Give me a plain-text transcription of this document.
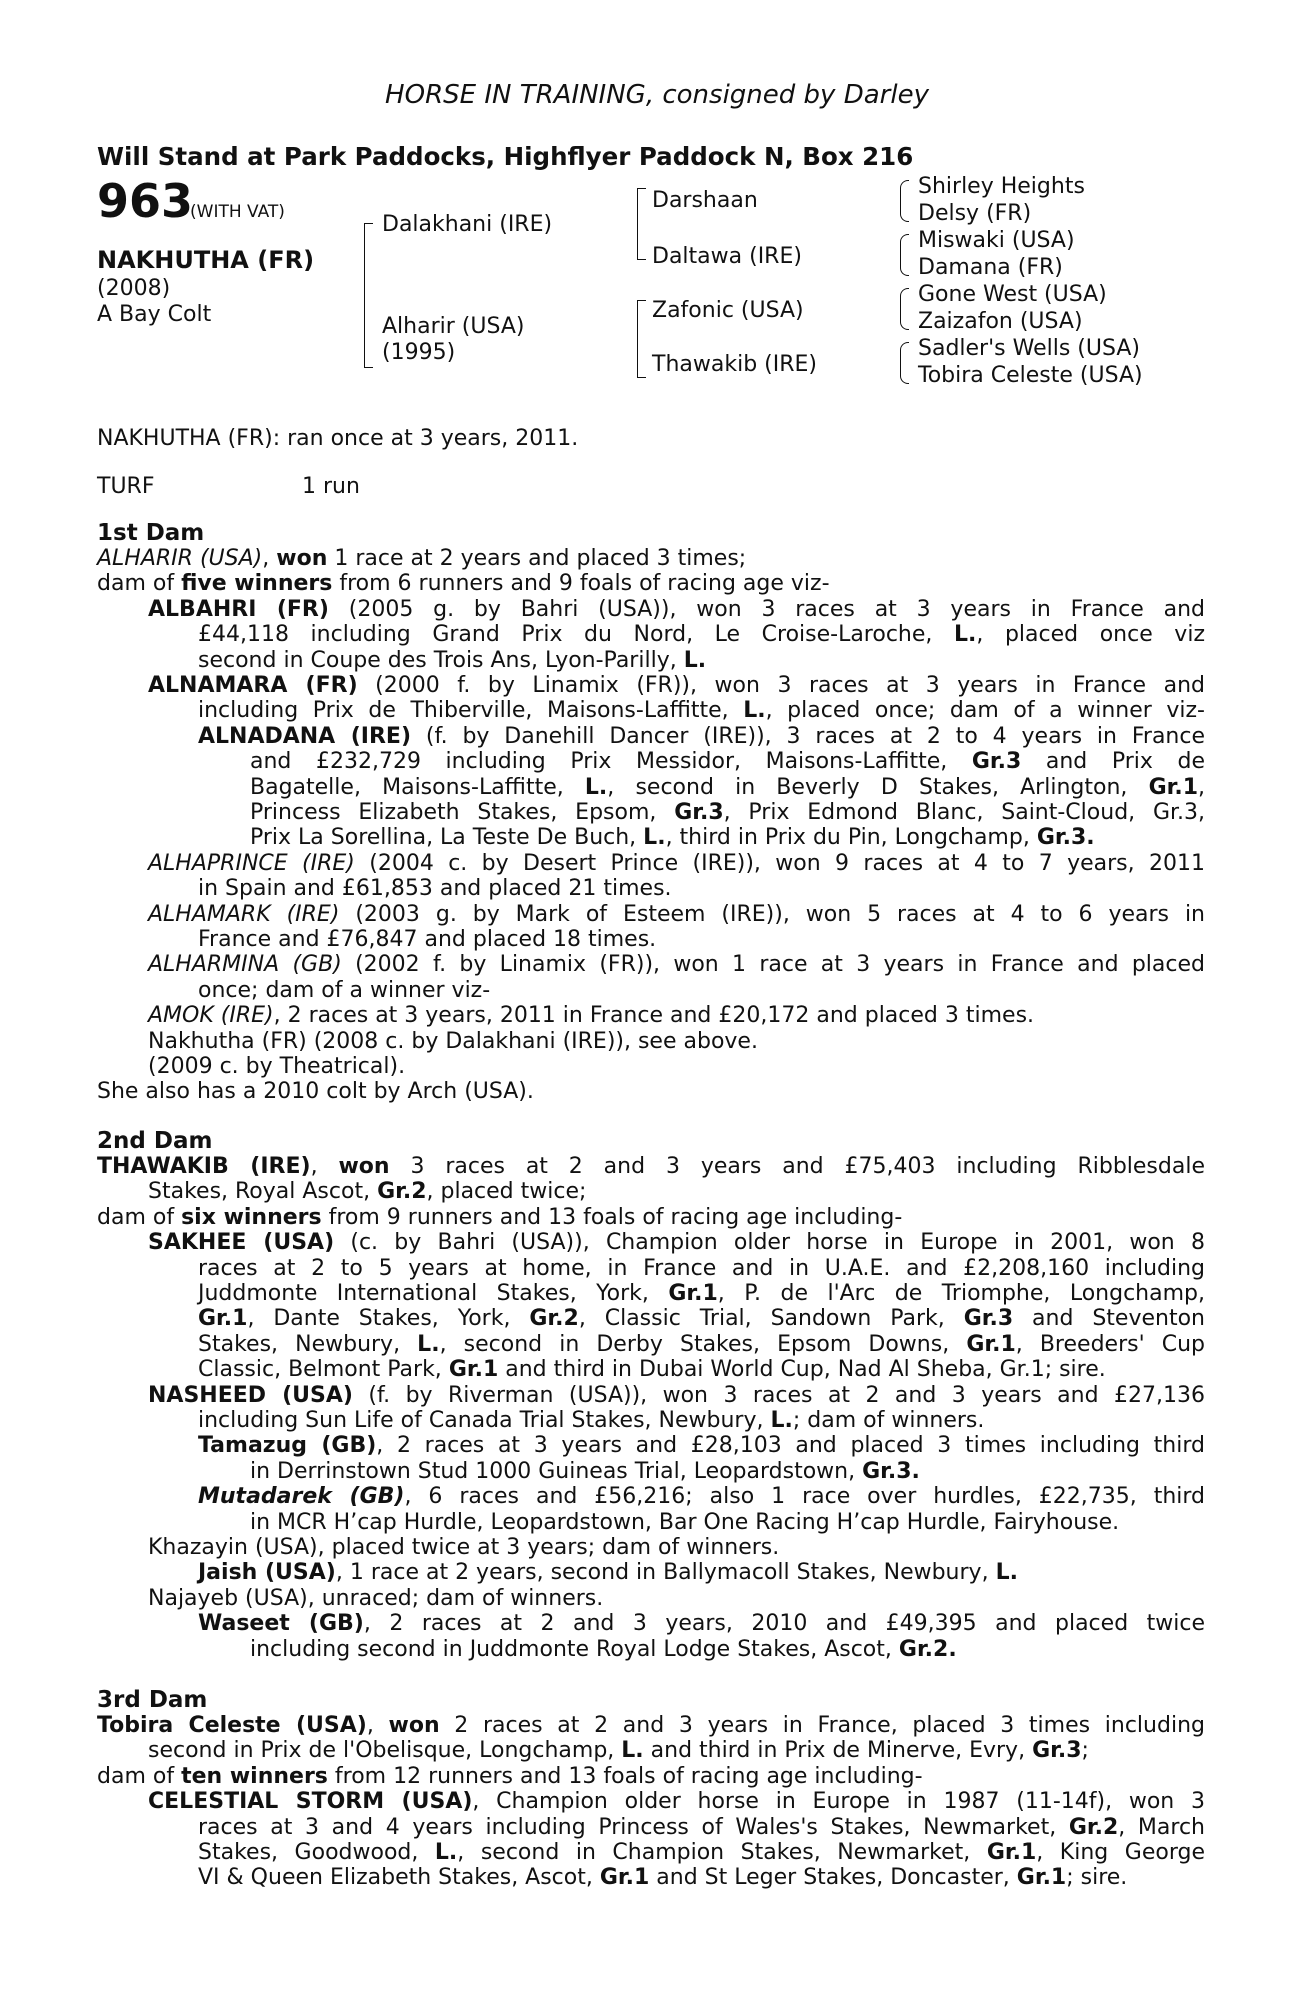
HORSE IN TRAINING, consigned by Darley
Will Stand at Park Paddocks, Highflyer Paddock N, Box 216
963
(WITH VAT)
NAKHUTHA (FR)
(2008)
A Bay Colt
Dalakhani (IRE)
Alharir (USA)
(1995)
Darshaan
Daltawa (IRE)
Zafonic (USA)
Thawakib (IRE)
Shirley Heights
Delsy (FR)
Miswaki (USA)
Damana (FR)
Gone West (USA)
Zaizafon (USA)
Sadler's Wells (USA)
Tobira Celeste (USA)
NAKHUTHA (FR): ran once at 3 years, 2011.
TURF	1 run
1st Dam
ALHARIR (USA), won 1 race at 2 years and placed 3 times;
dam of five winners from 6 runners and 9 foals of racing age viz-
ALBAHRI (FR) (2005 g. by Bahri (USA)), won 3 races at 3 years in France and
£44,118 including Grand Prix du Nord, Le Croise-Laroche, L., placed once viz
second in Coupe des Trois Ans, Lyon-Parilly, L.
ALNAMARA (FR) (2000 f. by Linamix (FR)), won 3 races at 3 years in France and
including Prix de Thiberville, Maisons-Laffitte, L., placed once; dam of a winner viz-
ALNADANA (IRE) (f. by Danehill Dancer (IRE)), 3 races at 2 to 4 years in France
and £232,729 including Prix Messidor, Maisons-Laffitte, Gr.3 and Prix de
Bagatelle, Maisons-Laffitte, L., second in Beverly D Stakes, Arlington, Gr.1,
Princess Elizabeth Stakes, Epsom, Gr.3, Prix Edmond Blanc, Saint-Cloud, Gr.3,
Prix La Sorellina, La Teste De Buch, L., third in Prix du Pin, Longchamp, Gr.3.
ALHAPRINCE (IRE) (2004 c. by Desert Prince (IRE)), won 9 races at 4 to 7 years, 2011
in Spain and £61,853 and placed 21 times.
ALHAMARK (IRE) (2003 g. by Mark of Esteem (IRE)), won 5 races at 4 to 6 years in
France and £76,847 and placed 18 times.
ALHARMINA (GB) (2002 f. by Linamix (FR)), won 1 race at 3 years in France and placed
once; dam of a winner viz-
AMOK (IRE), 2 races at 3 years, 2011 in France and £20,172 and placed 3 times.
Nakhutha (FR) (2008 c. by Dalakhani (IRE)), see above.
(2009 c. by Theatrical).
She also has a 2010 colt by Arch (USA).
2nd Dam
THAWAKIB (IRE), won 3 races at 2 and 3 years and £75,403 including Ribblesdale
Stakes, Royal Ascot, Gr.2, placed twice;
dam of six winners from 9 runners and 13 foals of racing age including-
SAKHEE (USA) (c. by Bahri (USA)), Champion older horse in Europe in 2001, won 8
races at 2 to 5 years at home, in France and in U.A.E. and £2,208,160 including
Juddmonte International Stakes, York, Gr.1, P. de l'Arc de Triomphe, Longchamp,
Gr.1, Dante Stakes, York, Gr.2, Classic Trial, Sandown Park, Gr.3 and Steventon
Stakes, Newbury, L., second in Derby Stakes, Epsom Downs, Gr.1, Breeders' Cup
Classic, Belmont Park, Gr.1 and third in Dubai World Cup, Nad Al Sheba, Gr.1; sire.
NASHEED (USA) (f. by Riverman (USA)), won 3 races at 2 and 3 years and £27,136
including Sun Life of Canada Trial Stakes, Newbury, L.; dam of winners.
Tamazug (GB), 2 races at 3 years and £28,103 and placed 3 times including third
in Derrinstown Stud 1000 Guineas Trial, Leopardstown, Gr.3.
Mutadarek (GB), 6 races and £56,216; also 1 race over hurdles, £22,735, third
in MCR H’cap Hurdle, Leopardstown, Bar One Racing H’cap Hurdle, Fairyhouse.
Khazayin (USA), placed twice at 3 years; dam of winners.
Jaish (USA), 1 race at 2 years, second in Ballymacoll Stakes, Newbury, L.
Najayeb (USA), unraced; dam of winners.
Waseet (GB), 2 races at 2 and 3 years, 2010 and £49,395 and placed twice
including second in Juddmonte Royal Lodge Stakes, Ascot, Gr.2.
3rd Dam
Tobira Celeste (USA), won 2 races at 2 and 3 years in France, placed 3 times including
second in Prix de l'Obelisque, Longchamp, L. and third in Prix de Minerve, Evry, Gr.3;
dam of ten winners from 12 runners and 13 foals of racing age including-
CELESTIAL STORM (USA), Champion older horse in Europe in 1987 (11-14f), won 3
races at 3 and 4 years including Princess of Wales's Stakes, Newmarket, Gr.2, March
Stakes, Goodwood, L., second in Champion Stakes, Newmarket, Gr.1, King George
VI & Queen Elizabeth Stakes, Ascot, Gr.1 and St Leger Stakes, Doncaster, Gr.1; sire.
